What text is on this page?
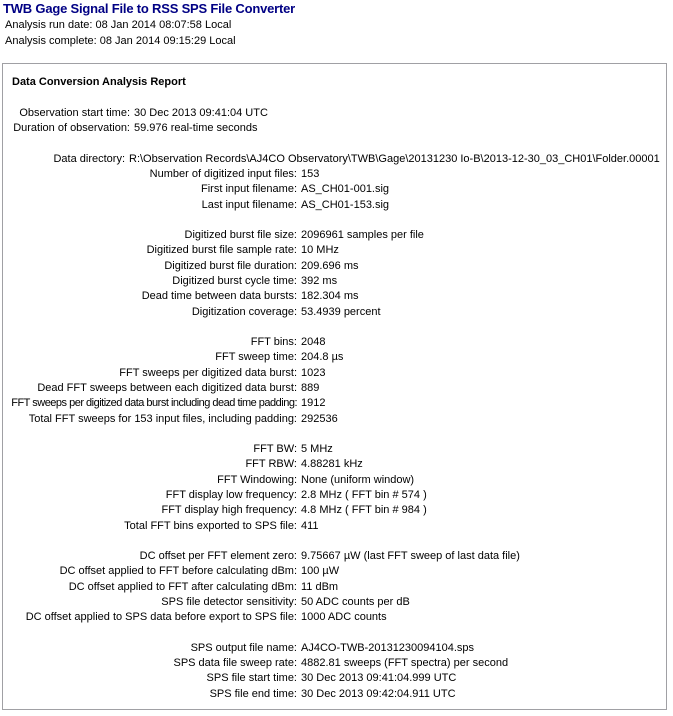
TWB Gage Signal File to RSS SPS File Converter
Analysis run date: 08 Jan 2014 08:07:58 Local
Analysis complete: 08 Jan 2014 09:15:29 Local
Data Conversion Analysis Report
Observation start time: 30 Dec 2013 09:41:04 UTC
Duration of observation: 59.976 real-time seconds
Data directory: R:\Observation Records\AJ4CO Observatory\TWB\Gage\20131230 Io-B\2013-12-30_03_CH01\Folder.00001
Number of digitized input files: 153
First input filename: AS_CH01-001.sig
Last input filename: AS_CH01-153.sig
Digitized burst file size: 2096961 samples per file
Digitized burst file sample rate: 10 MHz
Digitized burst file duration: 209.696 ms
Digitized burst cycle time: 392 ms
Dead time between data bursts: 182.304 ms
Digitization coverage: 53.4939 percent
FFT bins: 2048
FFT sweep time: 204.8 µs
FFT sweeps per digitized data burst: 1023
Dead FFT sweeps between each digitized data burst: 889
FFT sweeps per digitized data burst including dead time padding: 1912
Total FFT sweeps for 153 input files, including padding: 292536
FFT BW: 5 MHz
FFT RBW: 4.88281 kHz
FFT Windowing: None (uniform window)
FFT display low frequency: 2.8 MHz ( FFT bin # 574 )
FFT display high frequency: 4.8 MHz ( FFT bin # 984 )
Total FFT bins exported to SPS file: 411
DC offset per FFT element zero: 9.75667 µW (last FFT sweep of last data file)
DC offset applied to FFT before calculating dBm: 100 µW
DC offset applied to FFT after calculating dBm: 11 dBm
SPS file detector sensitivity: 50 ADC counts per dB
DC offset applied to SPS data before export to SPS file: 1000 ADC counts
SPS output file name: AJ4CO-TWB-20131230094104.sps
SPS data file sweep rate: 4882.81 sweeps (FFT spectra) per second
SPS file start time: 30 Dec 2013 09:41:04.999 UTC
SPS file end time: 30 Dec 2013 09:42:04.911 UTC
